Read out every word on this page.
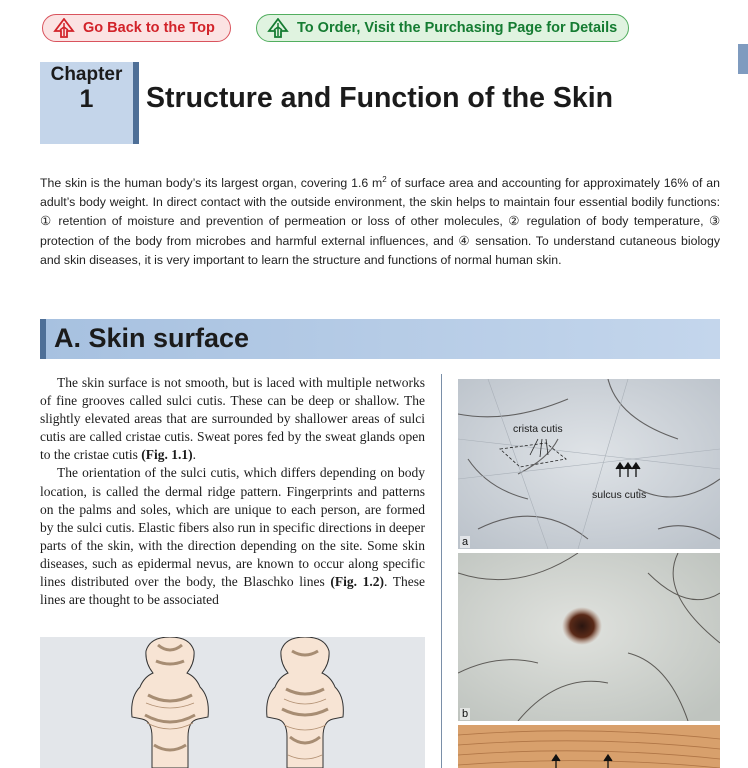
Go Back to the Top	To Order, Visit the Purchasing Page for Details
Chapter
1	Structure and Function of the Skin
The skin is the human body’s its largest organ, covering 1.6 $m^2$ of surface area and accounting for approximately 16% of an adult’s body weight. In direct contact with the outside environment, the skin helps to maintain four essential bodily functions: ① retention of moisture and prevention of permeation or loss of other molecules, ② regulation of body temperature, ③ protection of the body from microbes and harmful external influences, and ④ sensation. To understand cutaneous biology and skin diseases, it is very important to learn the structure and functions of normal human skin.
A. Skin surface

The skin surface is not smooth, but is laced with multiple networks of fine grooves called sulci cutis. These can be deep or shallow. The slightly elevated areas that are surrounded by shallower areas of sulci cutis are called cristae cutis. Sweat pores fed by the sweat glands open to the cristae cutis (Fig. 1.1).

The orientation of the sulci cutis, which differs depending on body location, is called the dermal ridge pattern. Fingerprints and patterns on the palms and soles, which are unique to each person, are formed by the sulci cutis. Elastic fibers also run in specific directions in deeper parts of the skin, with the direction depending on the site. Some skin diseases, such as epidermal nevus, are known to occur along specific lines distributed over the body, the Blaschko lines (Fig. 1.2). These lines are thought to be associated

crista cutis
sulcus cutis
a
b
